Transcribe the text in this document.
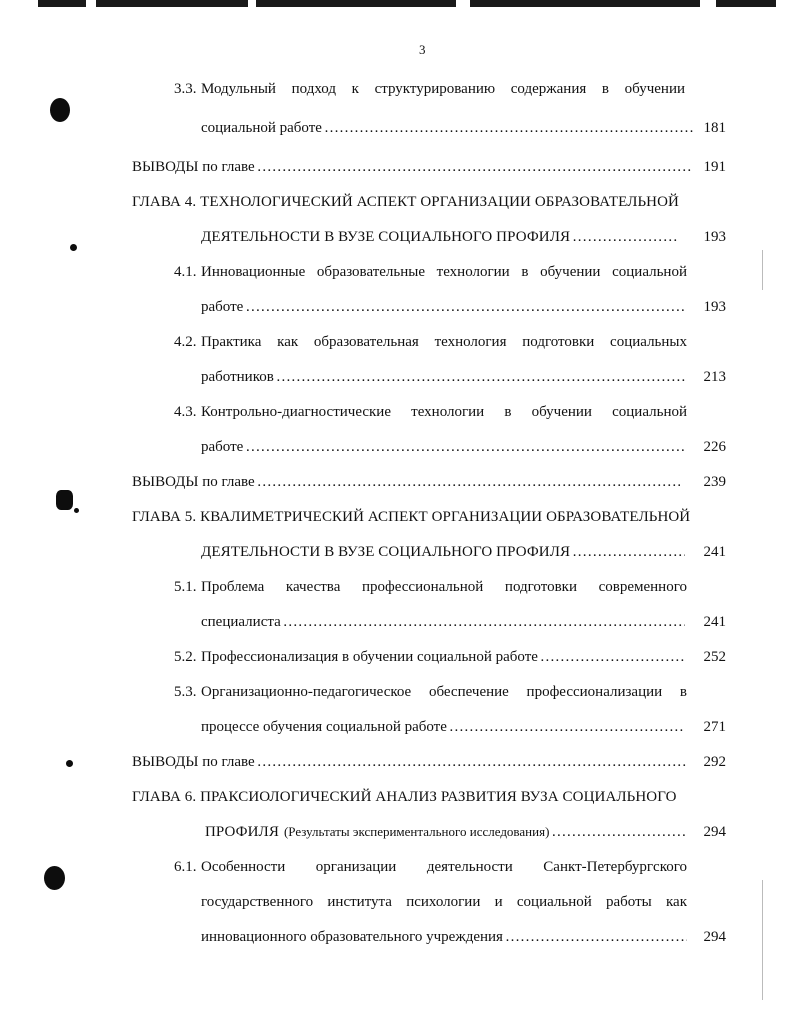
3
3.3. Модульный подход к структурированию содержания в обучении
социальной работе ……………………………………………………………………………………………………………………………………	181
ВЫВОДЫ по главе ……………………………………………………………………………………………………………………………………	191
ГЛАВА 4. ТЕХНОЛОГИЧЕСКИЙ АСПЕКТ ОРГАНИЗАЦИИ ОБРАЗОВАТЕЛЬНОЙ
ДЕЯТЕЛЬНОСТИ В ВУЗЕ СОЦИАЛЬНОГО ПРОФИЛЯ ……………………………………………………………………………………………………………………………………	193
4.1. Инновационные образовательные технологии в обучении социальной
работе ……………………………………………………………………………………………………………………………………	193
4.2. Практика как образовательная технология подготовки социальных
работников ……………………………………………………………………………………………………………………………………	213
4.3. Контрольно-диагностические технологии в обучении социальной
работе ……………………………………………………………………………………………………………………………………	226
ВЫВОДЫ по главе ……………………………………………………………………………………………………………………………………	239
ГЛАВА 5. КВАЛИМЕТРИЧЕСКИЙ АСПЕКТ ОРГАНИЗАЦИИ ОБРАЗОВАТЕЛЬНОЙ
ДЕЯТЕЛЬНОСТИ В ВУЗЕ СОЦИАЛЬНОГО ПРОФИЛЯ ……………………………………………………………………………………………………………………………………	241
5.1. Проблема качества профессиональной подготовки современного
специалиста ……………………………………………………………………………………………………………………………………	241
5.2. Профессионализация в обучении социальной работе ……………………………………………………………………………………………………………………………………	252
5.3. Организационно-педагогическое обеспечение профессионализации в
процессе обучения социальной работе ……………………………………………………………………………………………………………………………………	271
ВЫВОДЫ по главе ……………………………………………………………………………………………………………………………………	292
ГЛАВА 6. ПРАКСИОЛОГИЧЕСКИЙ АНАЛИЗ РАЗВИТИЯ ВУЗА СОЦИАЛЬНОГО
ПРОФИЛЯ (Результаты экспериментального исследования) ……………………………………………………………………………………………………………………………………	294
6.1. Особенности организации деятельности Санкт-Петербургского
государственного института психологии и социальной работы как
инновационного образовательного учреждения ……………………………………………………………………………………………………………………………………	294
